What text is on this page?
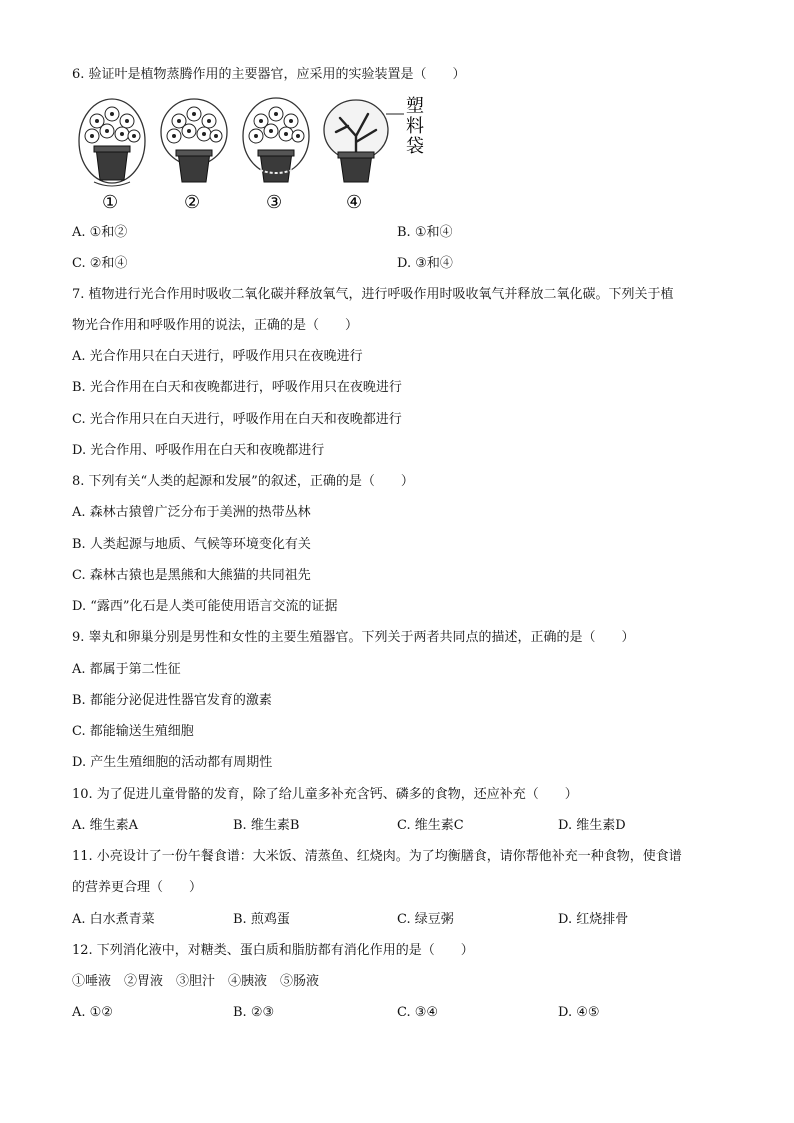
6. 验证叶是植物蒸腾作用的主要器官，应采用的实验装置是（　　）
塑
料
袋
①	②	③	④
A. ①和②	B. ①和④
C. ②和④	D. ③和④
7. 植物进行光合作用时吸收二氧化碳并释放氧气，进行呼吸作用时吸收氧气并释放二氧化碳。下列关于植
物光合作用和呼吸作用的说法，正确的是（　　）
A. 光合作用只在白天进行，呼吸作用只在夜晚进行
B. 光合作用在白天和夜晚都进行，呼吸作用只在夜晚进行
C. 光合作用只在白天进行，呼吸作用在白天和夜晚都进行
D. 光合作用、呼吸作用在白天和夜晚都进行
8. 下列有关“人类的起源和发展”的叙述，正确的是（　　）
A. 森林古猿曾广泛分布于美洲的热带丛林
B. 人类起源与地质、气候等环境变化有关
C. 森林古猿也是黑熊和大熊猫的共同祖先
D. “露西”化石是人类可能使用语言交流的证据
9. 睾丸和卵巢分别是男性和女性的主要生殖器官。下列关于两者共同点的描述，正确的是（　　）
A. 都属于第二性征
B. 都能分泌促进性器官发育的激素
C. 都能输送生殖细胞
D. 产生生殖细胞的活动都有周期性
10. 为了促进儿童骨骼的发育，除了给儿童多补充含钙、磷多的食物，还应补充（　　）
A. 维生素A	B. 维生素B	C. 维生素C	D. 维生素D
11. 小亮设计了一份午餐食谱：大米饭、清蒸鱼、红烧肉。为了均衡膳食，请你帮他补充一种食物，使食谱
的营养更合理（　　）
A. 白水煮青菜	B. 煎鸡蛋	C. 绿豆粥	D. 红烧排骨
12. 下列消化液中，对糖类、蛋白质和脂肪都有消化作用的是（　　）
①唾液　②胃液　③胆汁　④胰液　⑤肠液
A. ①②	B. ②③	C. ③④	D. ④⑤
